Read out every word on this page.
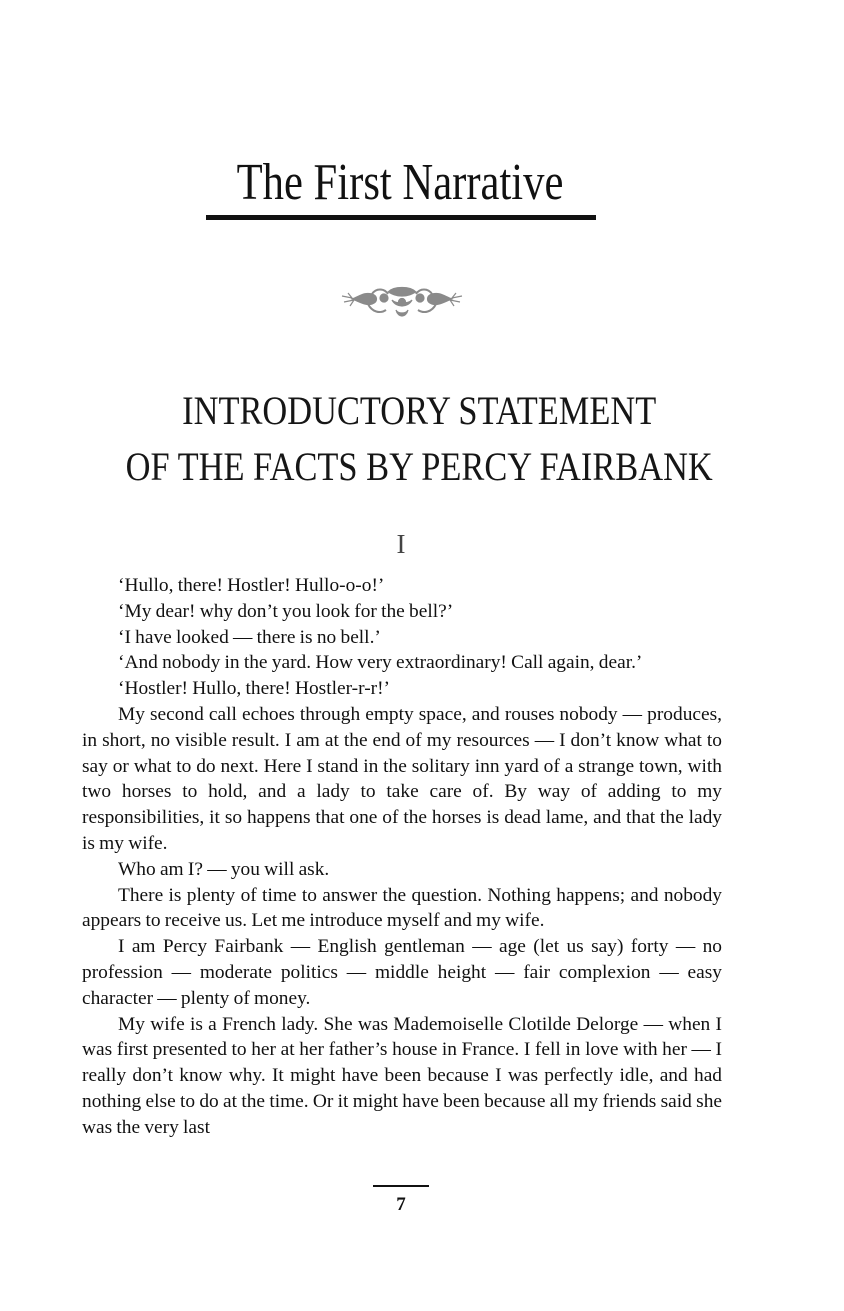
The First Narrative
INTRODUCTORY STATEMENT
OF THE FACTS BY PERCY FAIRBANK
I

‘Hullo, there! Hostler! Hullo-o-o!’

‘My dear! why don’t you look for the bell?’

‘I have looked — there is no bell.’

‘And nobody in the yard. How very extraordinary! Call again, dear.’

‘Hostler! Hullo, there! Hostler-r-r!’

My second call echoes through empty space, and rouses nobody — produces, in short, no visible result. I am at the end of my resources — I don’t know what to say or what to do next. Here I stand in the solitary inn yard of a strange town, with two horses to hold, and a lady to take care of. By way of adding to my responsibilities, it so happens that one of the horses is dead lame, and that the lady is my wife.

Who am I? — you will ask.

There is plenty of time to answer the question. Nothing happens; and nobody appears to receive us. Let me introduce myself and my wife.

I am Percy Fairbank — English gentleman — age (let us say) forty — no profession — moderate politics — middle height — fair complexion — easy character — plenty of money.

My wife is a French lady. She was Mademoiselle Clotilde Delorge — when I was first presented to her at her father’s house in France. I fell in love with her — I really don’t know why. It might have been because I was perfectly idle, and had nothing else to do at the time. Or it might have been because all my friends said she was the very last

7
